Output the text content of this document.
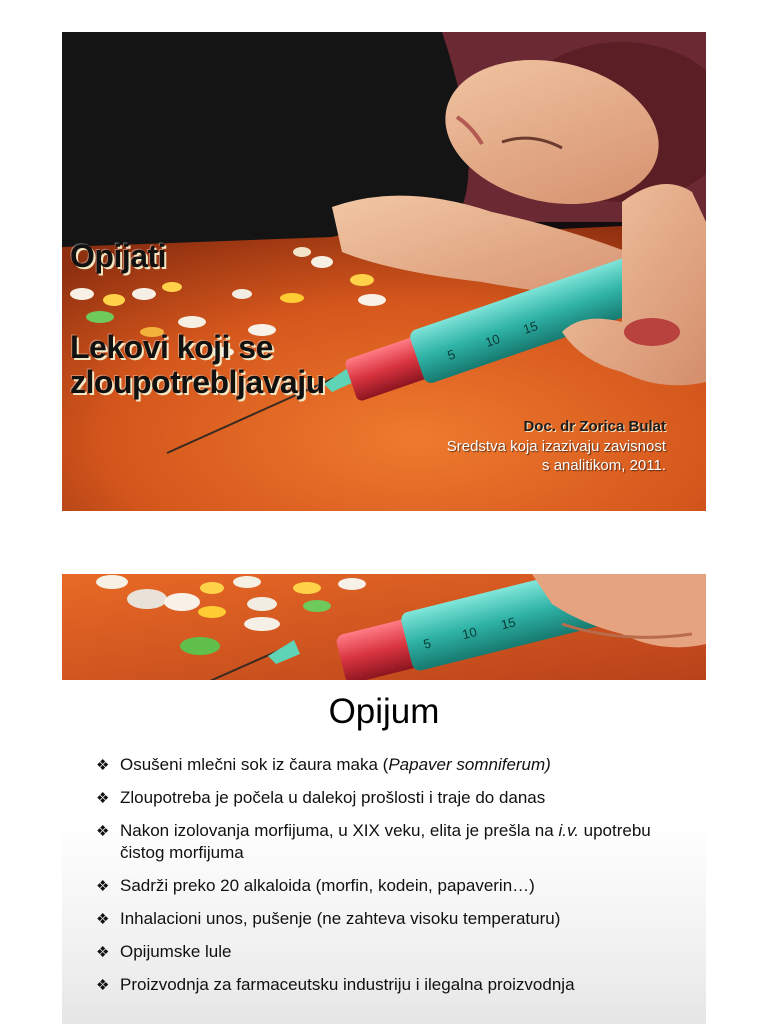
5
10
15
Opijati
Lekovi koji se zloupotrebljavaju
Doc. dr Zorica Bulat
Sredstva koja izazivaju zavisnost
s analitikom, 2011.
5
10
15
Opijum
❖ Osušeni mlečni sok iz čaura maka (Papaver somniferum)
❖ Zloupotreba je počela u dalekoj prošlosti i traje do danas
❖ Nakon izolovanja morfijuma, u XIX veku, elita je prešla na i.v. upotrebu čistog morfijuma
❖ Sadrži preko 20 alkaloida (morfin, kodein, papaverin…)
❖ Inhalacioni unos, pušenje (ne zahteva visoku temperaturu)
❖ Opijumske lule
❖ Proizvodnja za farmaceutsku industriju i ilegalna proizvodnja
